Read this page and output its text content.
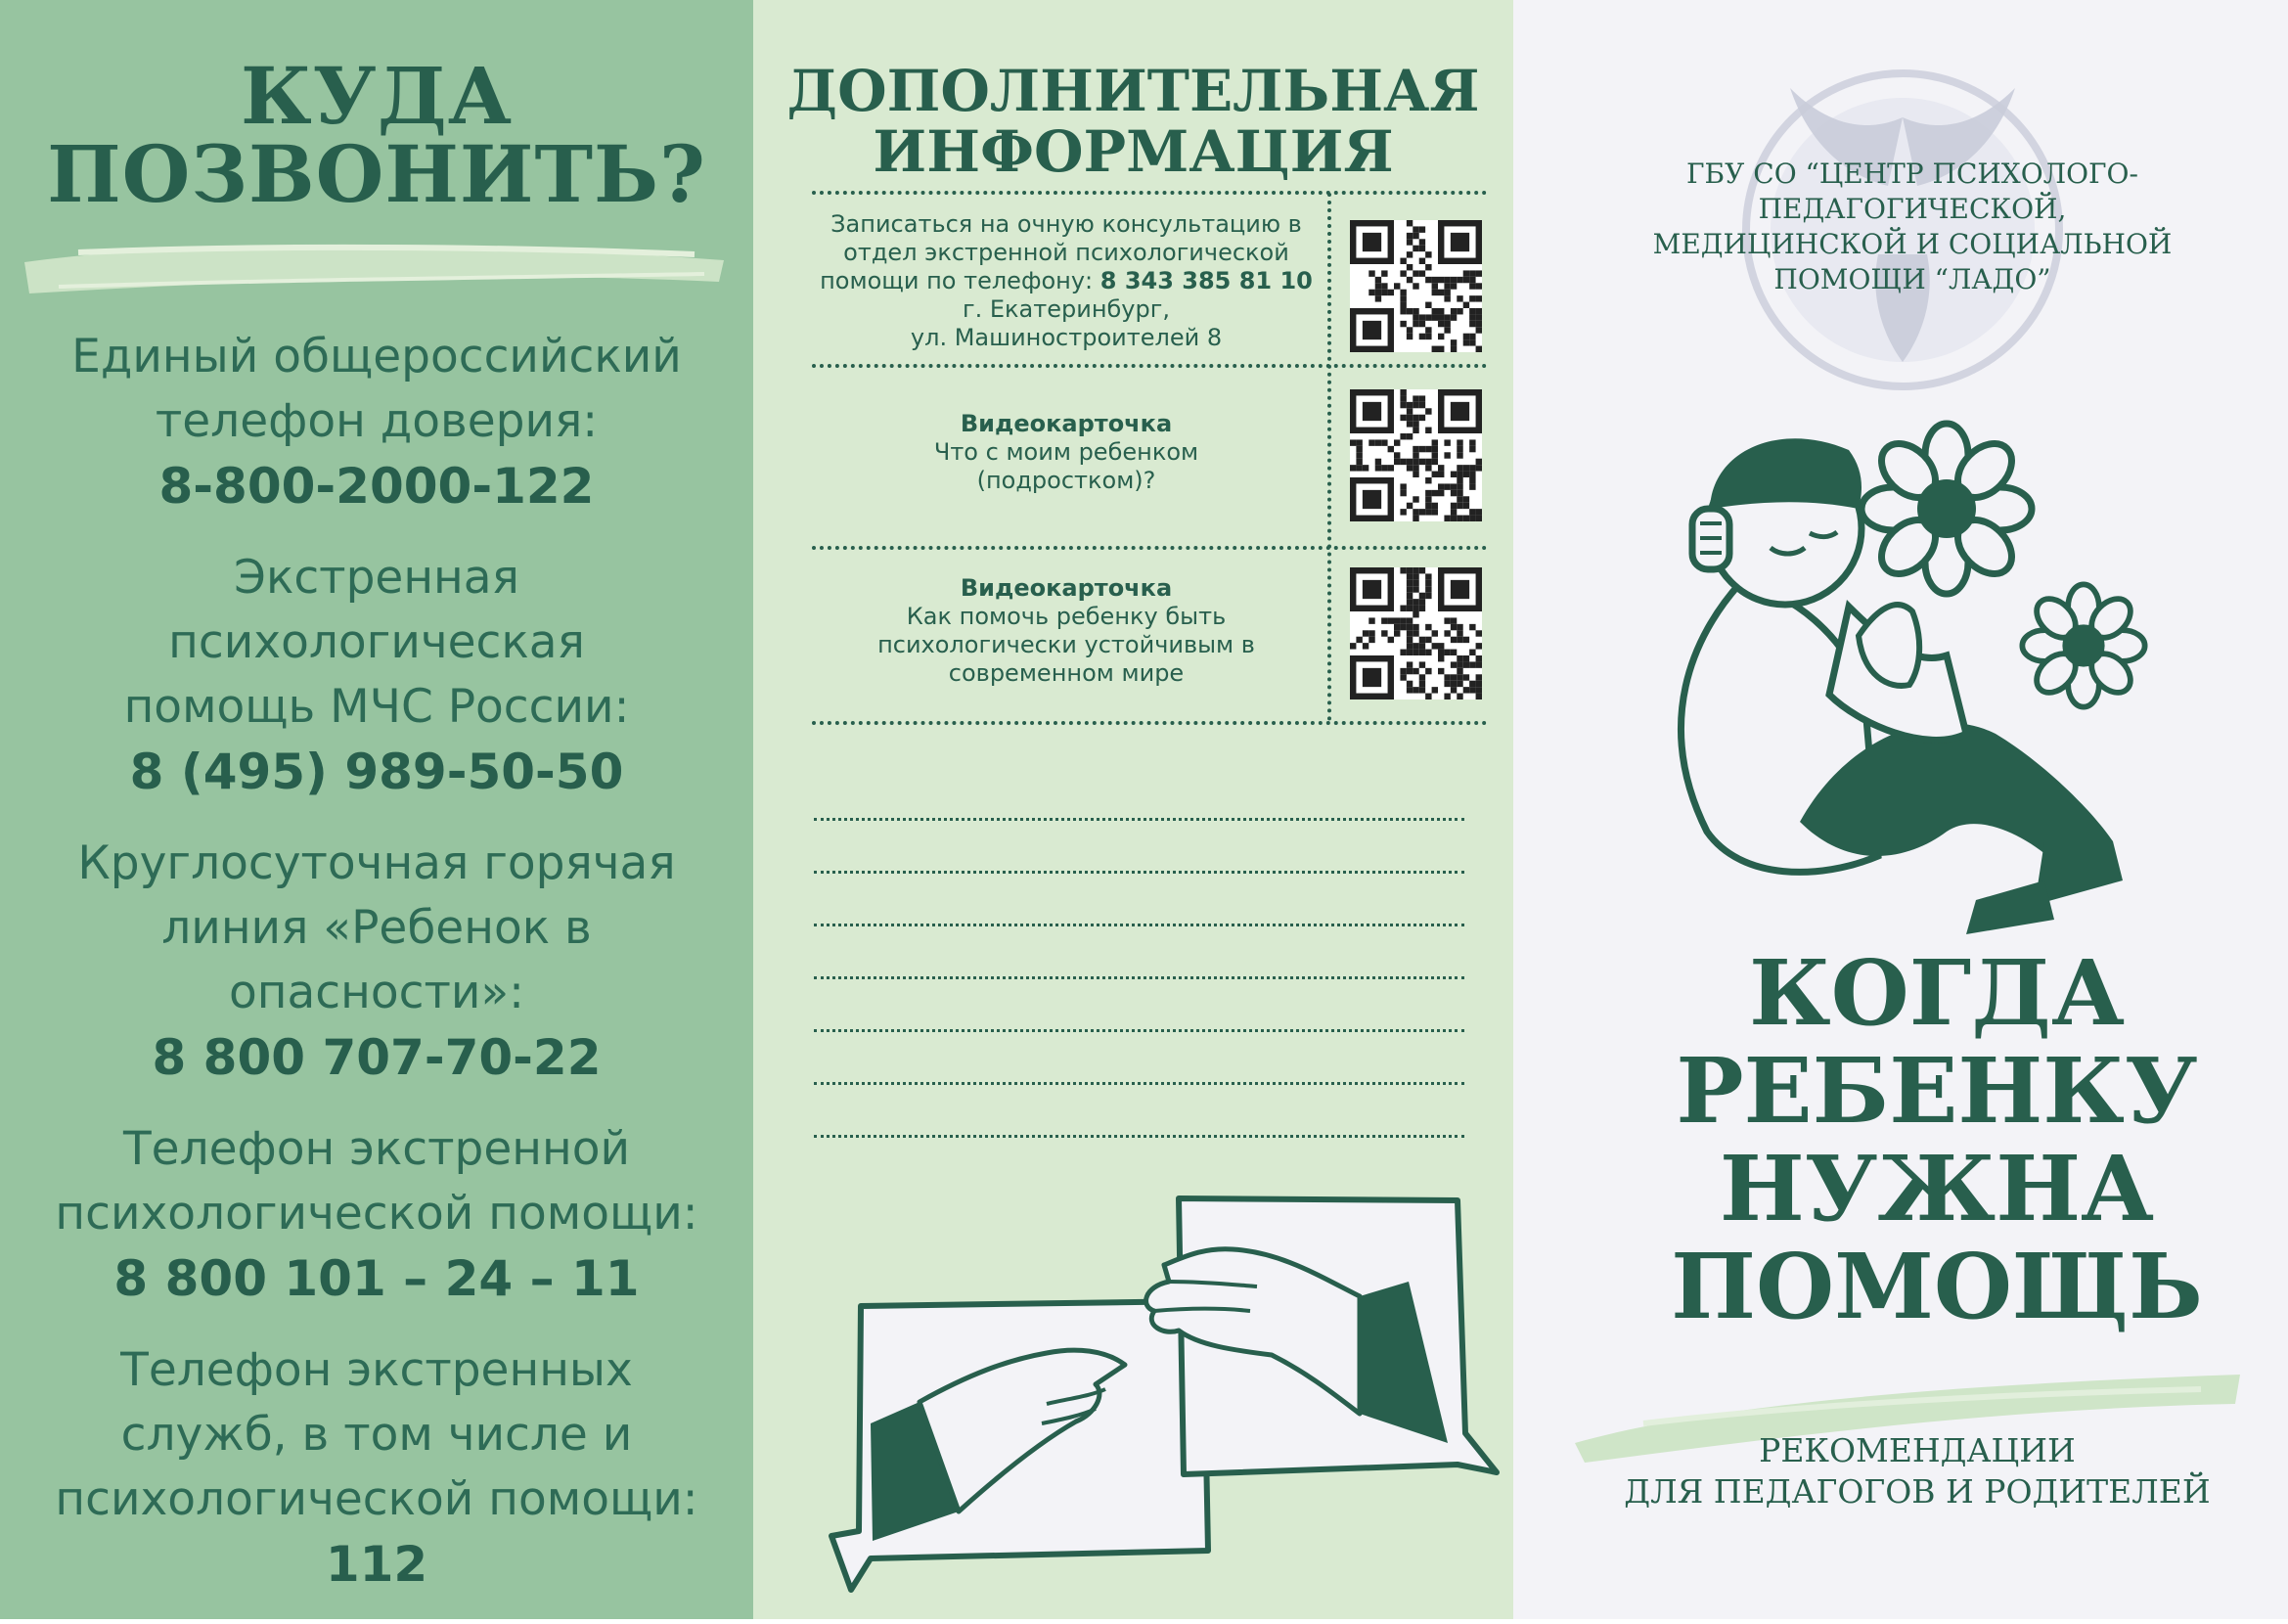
КУДА
ПОЗВОНИТЬ?
Единый общероссийский
телефон доверия:
8-800-2000-122
Экстренная
психологическая
помощь МЧС России:
8 (495) 989-50-50
Круглосуточная горячая
линия «Ребенок в
опасности»:
8 800 707-70-22
Телефон экстренной
психологической помощи:
8 800 101 – 24 – 11
Телефон экстренных
служб, в том числе и
психологической помощи:
112
ДОПОЛНИТЕЛЬНАЯ
ИНФОРМАЦИЯ
Записаться на очную консультацию в
отдел экстренной психологической
помощи по телефону: 8 343 385 81 10
г. Екатеринбург,
ул. Машиностроителей 8
Видеокарточка
Что с моим ребенком
(подростком)?
Видеокарточка
Как помочь ребенку быть
психологически устойчивым в
современном мире
ГБУ СО “ЦЕНТР ПСИХОЛОГО-
ПЕДАГОГИЧЕСКОЙ,
МЕДИЦИНСКОЙ И СОЦИАЛЬНОЙ
ПОМОЩИ “ЛАДО”
КОГДА
РЕБЕНКУ
НУЖНА
ПОМОЩЬ
РЕКОМЕНДАЦИИ
ДЛЯ ПЕДАГОГОВ И РОДИТЕЛЕЙ
